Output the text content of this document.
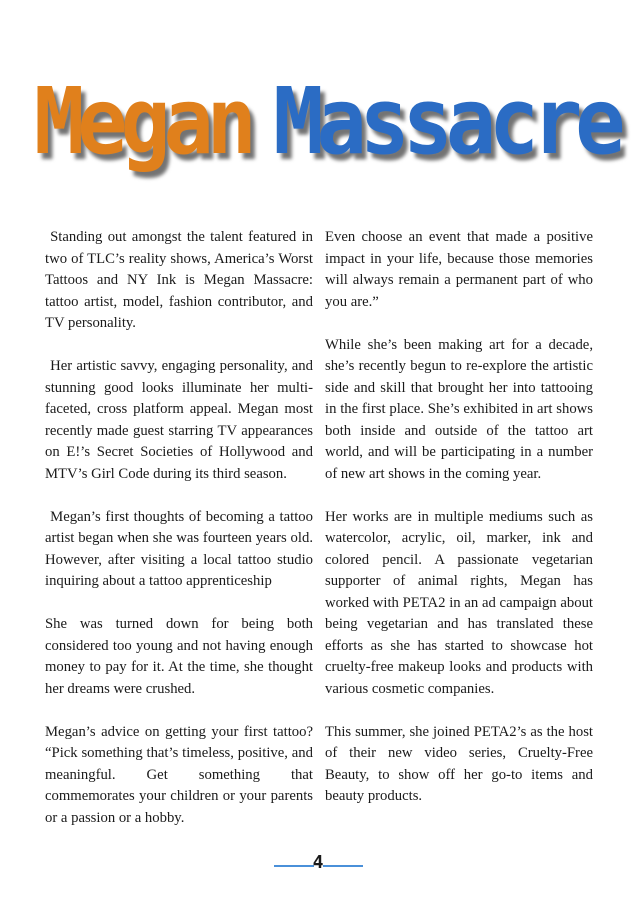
Megan Massacre

Standing out amongst the talent featured in two of TLC’s reality shows, America’s Worst Tattoos and NY Ink is Megan Massacre: tattoo artist, model, fashion contributor, and TV personality.

Her artistic savvy, engaging personality, and stunning good looks illuminate her multi-faceted, cross platform appeal. Megan most recently made guest starring TV appearances on E!’s Secret Societies of Hollywood and MTV’s Girl Code during its third season.

Megan’s first thoughts of becoming a tattoo artist began when she was fourteen years old. However, after visiting a local tattoo studio inquiring about a tattoo apprenticeship

She was turned down for being both considered too young and not having enough money to pay for it. At the time, she thought her dreams were crushed.

Megan’s advice on getting your first tattoo? “Pick something that’s timeless, positive, and meaningful. Get something that commemorates your children or your parents or a passion or a hobby.

Even choose an event that made a positive impact in your life, because those memories will always remain a permanent part of who you are.”

While she’s been making art for a decade, she’s recently begun to re-explore the artistic side and skill that brought her into tattooing in the first place. She’s exhibited in art shows both inside and outside of the tattoo art world, and will be participating in a number of new art shows in the coming year.

Her works are in multiple mediums such as watercolor, acrylic, oil, marker, ink and colored pencil. A passionate vegetarian supporter of animal rights, Megan has worked with PETA2 in an ad campaign about being vegetarian and has translated these efforts as she has started to showcase hot cruelty-free makeup looks and products with various cosmetic companies.

This summer, she joined PETA2’s as the host of their new video series, Cruelty-Free Beauty, to show off her go-to items and beauty products.

4
